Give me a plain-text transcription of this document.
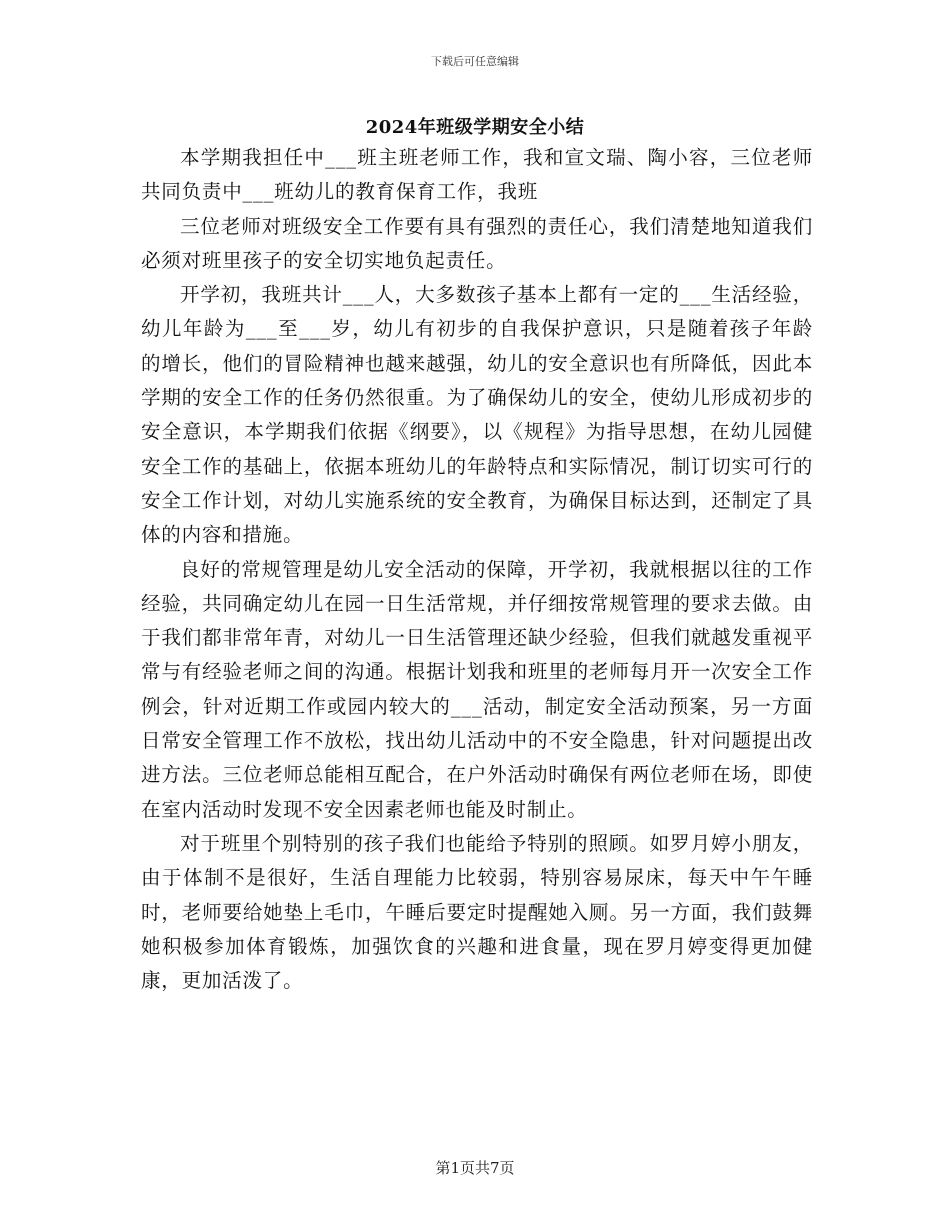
下载后可任意编辑
2024年班级学期安全小结

本学期我担任中___班主班老师工作，我和宣文瑞、陶小容，三位老师共同负责中___班幼儿的教育保育工作，我班

三位老师对班级安全工作要有具有强烈的责任心，我们清楚地知道我们必须对班里孩子的安全切实地负起责任。

开学初，我班共计___人，大多数孩子基本上都有一定的___生活经验，幼儿年龄为___至___岁，幼儿有初步的自我保护意识，只是随着孩子年龄的增长，他们的冒险精神也越来越强，幼儿的安全意识也有所降低，因此本学期的安全工作的任务仍然很重。为了确保幼儿的安全，使幼儿形成初步的安全意识，本学期我们依据《纲要》，以《规程》为指导思想，在幼儿园健安全工作的基础上，依据本班幼儿的年龄特点和实际情况，制订切实可行的安全工作计划，对幼儿实施系统的安全教育，为确保目标达到，还制定了具体的内容和措施。

良好的常规管理是幼儿安全活动的保障，开学初，我就根据以往的工作经验，共同确定幼儿在园一日生活常规，并仔细按常规管理的要求去做。由于我们都非常年青，对幼儿一日生活管理还缺少经验，但我们就越发重视平常与有经验老师之间的沟通。根据计划我和班里的老师每月开一次安全工作例会，针对近期工作或园内较大的___活动，制定安全活动预案，另一方面日常安全管理工作不放松，找出幼儿活动中的不安全隐患，针对问题提出改进方法。三位老师总能相互配合，在户外活动时确保有两位老师在场，即使在室内活动时发现不安全因素老师也能及时制止。

对于班里个别特别的孩子我们也能给予特别的照顾。如罗月婷小朋友，由于体制不是很好，生活自理能力比较弱，特别容易尿床，每天中午午睡时，老师要给她垫上毛巾，午睡后要定时提醒她入厕。另一方面，我们鼓舞她积极参加体育锻炼，加强饮食的兴趣和进食量，现在罗月婷变得更加健康，更加活泼了。

第1页共7页
